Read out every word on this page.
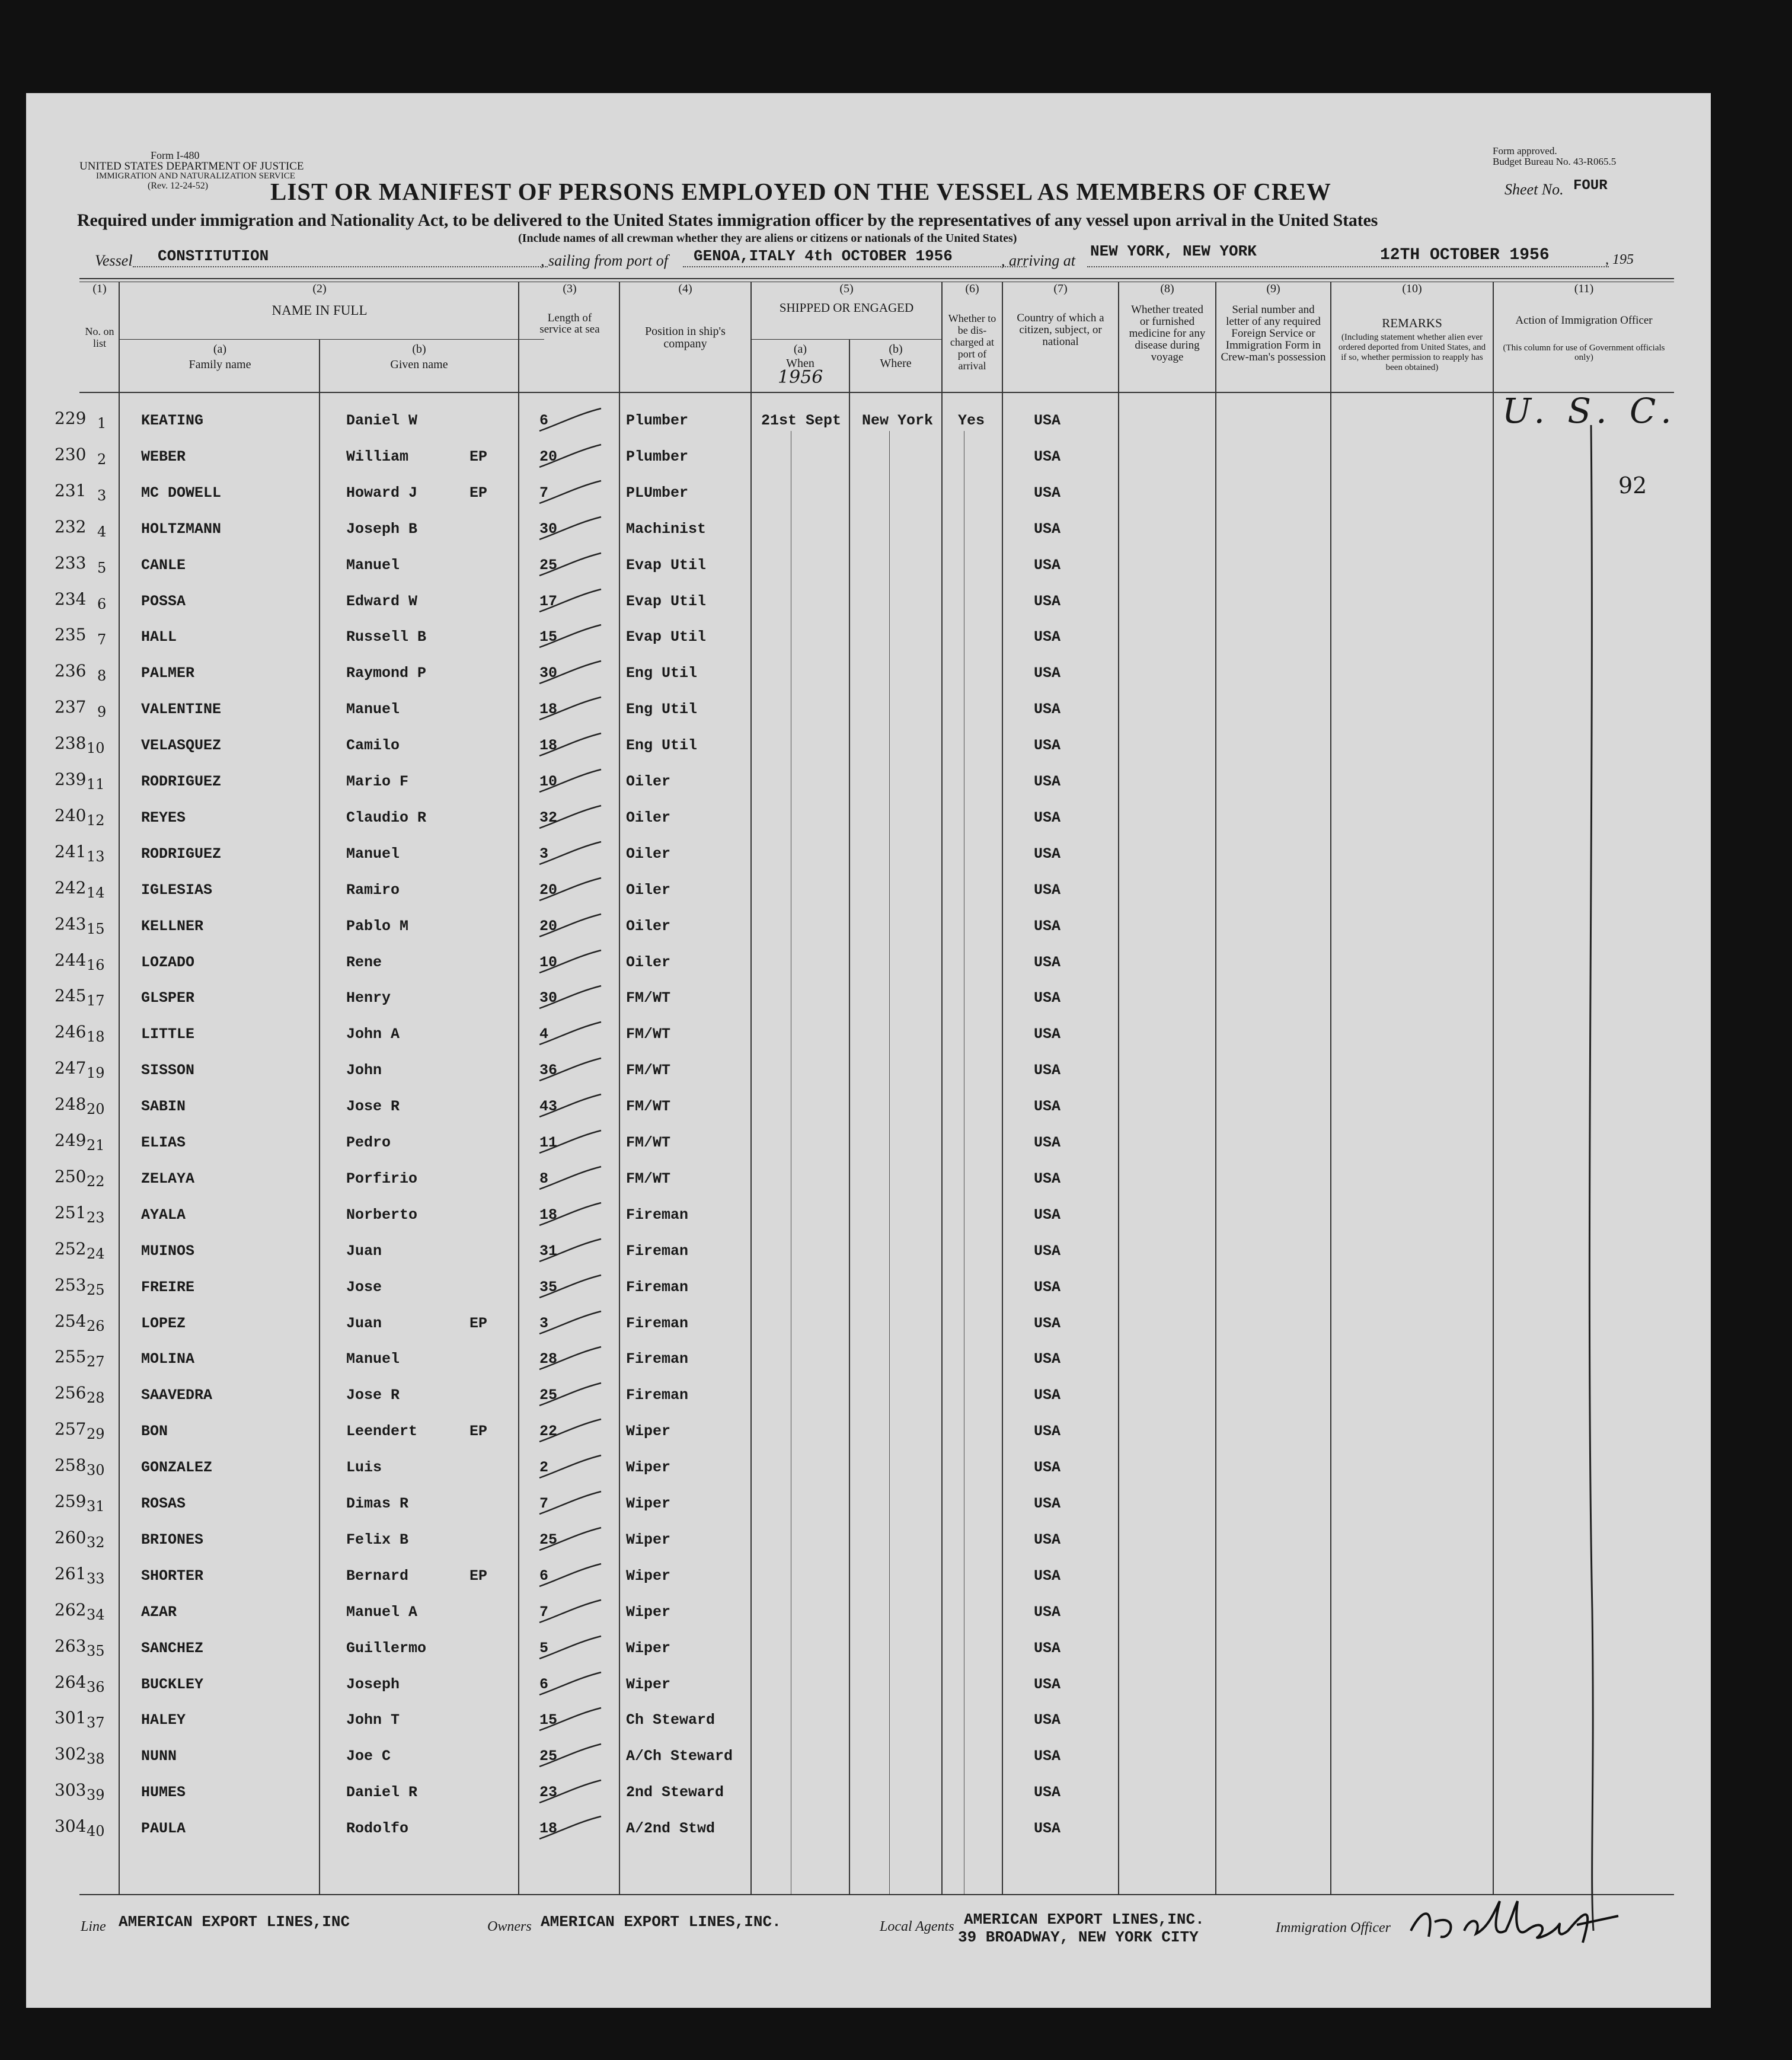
Form I-480
UNITED STATES DEPARTMENT OF JUSTICE
IMMIGRATION AND NATURALIZATION SERVICE
(Rev. 12-24-52)
Form approved.
Budget Bureau No. 43-R065.5
Sheet No. FOUR
LIST OR MANIFEST OF PERSONS EMPLOYED ON THE VESSEL AS MEMBERS OF CREW
Required under immigration and Nationality Act, to be delivered to the United States immigration officer by the representatives of any vessel upon arrival in the United States
(Include names of all crewman whether they are aliens or citizens or nationals of the United States)
Vessel CONSTITUTION	, sailing from port of GENOA,ITALY 4th OCTOBER 1956	, arriving at
NEW YORK, NEW YORK	12TH OCTOBER 1956	, 195
(1)
No. on list
(2)
NAME IN FULL
(a)
Family name
(b)
Given name
(3)
Length of service at sea
(4)
Position in ship's company
(5)
SHIPPED OR ENGAGED
(a)
When
1956
(b)
Where
(6)
Whether to be dis-charged at port of arrival
(7)
Country of which a citizen, subject, or national
(8)
Whether treated or furnished medicine for any disease during voyage
(9)
Serial number and letter of any required Foreign Service or Immigration Form in Crew-man's possession
(10)
REMARKS
(Including statement whether alien ever ordered deported from United States, and if so, whether permission to reapply has been obtained)
(11)
Action of Immigration Officer
(This column for use of Government officials only)
229 1 KEATING	Daniel W	6	Plumber	21st Sept New York Yes	USA
230 2 WEBER	William	EP	20	Plumber	USA
231 3 MC DOWELL	Howard J	EP	7	PLUmber	USA
232 4 HOLTZMANN	Joseph B	30	Machinist	USA
233 5 CANLE	Manuel	25	Evap Util	USA
234 6 POSSA	Edward W	17	Evap Util	USA
235 7 HALL	Russell B	15	Evap Util	USA
236 8 PALMER	Raymond P	30	Eng Util	USA
237 9 VALENTINE	Manuel	18	Eng Util	USA
238 10 VELASQUEZ	Camilo	18	Eng Util	USA
239 11 RODRIGUEZ	Mario F	10	Oiler	USA
240 12 REYES	Claudio R	32	Oiler	USA
241 13 RODRIGUEZ	Manuel	3	Oiler	USA
242 14 IGLESIAS	Ramiro	20	Oiler	USA
243 15 KELLNER	Pablo M	20	Oiler	USA
244 16 LOZADO	Rene	10	Oiler	USA
245 17 GLSPER	Henry	30	FM/WT	USA
246 18 LITTLE	John A	4	FM/WT	USA
247 19 SISSON	John	36	FM/WT	USA
248 20 SABIN	Jose R	43	FM/WT	USA
249 21 ELIAS	Pedro	11	FM/WT	USA
250 22 ZELAYA	Porfirio	8	FM/WT	USA
251 23 AYALA	Norberto	18	Fireman	USA
252 24 MUINOS	Juan	31	Fireman	USA
253 25 FREIRE	Jose	35	Fireman	USA
254 26 LOPEZ	Juan	EP	3	Fireman	USA
255 27 MOLINA	Manuel	28	Fireman	USA
256 28 SAAVEDRA	Jose R	25	Fireman	USA
257 29 BON	Leendert	EP	22	Wiper	USA
258 30 GONZALEZ	Luis	2	Wiper	USA
259 31 ROSAS	Dimas R	7	Wiper	USA
260 32 BRIONES	Felix B	25	Wiper	USA
261 33 SHORTER	Bernard	EP	6	Wiper	USA
262 34 AZAR	Manuel A	7	Wiper	USA
263 35 SANCHEZ	Guillermo	5	Wiper	USA
264 36 BUCKLEY	Joseph	6	Wiper	USA
301 37 HALEY	John T	15	Ch Steward	USA
302 38 NUNN	Joe C	25	A/Ch Steward	USA
303 39 HUMES	Daniel R	23	2nd Steward	USA
304 40 PAULA	Rodolfo	18	A/2nd Stwd	USA
U. S. C.
92
Line AMERICAN EXPORT LINES,INC	Owners AMERICAN EXPORT LINES,INC.	Local Agents AMERICAN EXPORT LINES,INC.
39 BROADWAY, NEW YORK CITY
Immigration Officer
